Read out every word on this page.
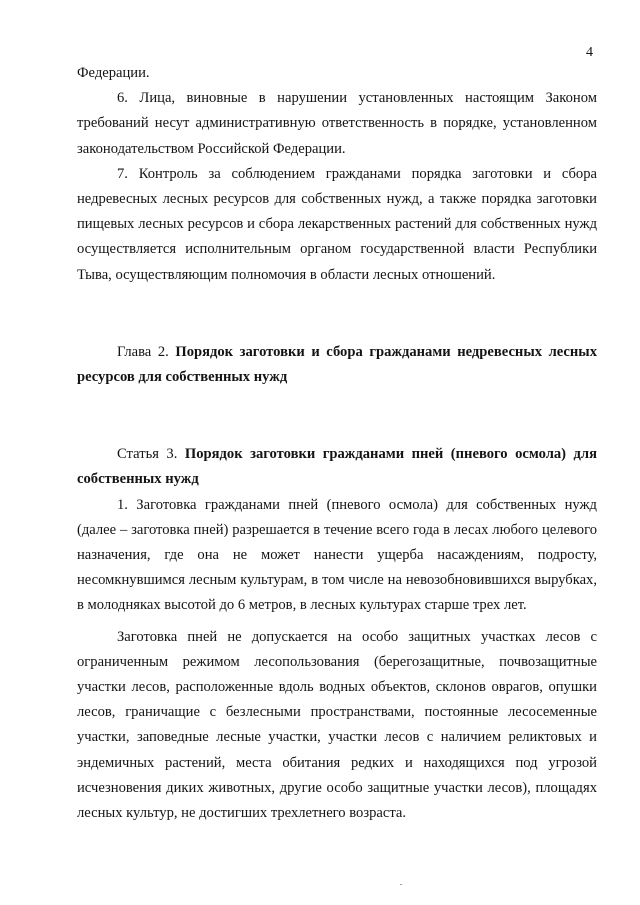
4

Федерации.

6. Лица, виновные в нарушении установленных настоящим Законом требований несут административную ответственность в порядке, установленном законодательством Российской Федерации.

7. Контроль за соблюдением гражданами порядка заготовки и сбора недревесных лесных ресурсов для собственных нужд, а также порядка заготовки пищевых лесных ресурсов и сбора лекарственных растений для собственных нужд осуществляется исполнительным органом государственной власти Республики Тыва, осуществляющим полномочия в области лесных отношений.

Глава 2. Порядок заготовки и сбора гражданами недревесных лесных ресурсов для собственных нужд

Статья 3. Порядок заготовки гражданами пней (пневого осмола) для собственных нужд

1. Заготовка гражданами пней (пневого осмола) для собственных нужд (далее – заготовка пней) разрешается в течение всего года в лесах любого целевого назначения, где она не может нанести ущерба насаждениям, подросту, несомкнувшимся лесным культурам, в том числе на невозобновившихся вырубках, в молодняках высотой до 6 метров, в лесных культурах старше трех лет.

Заготовка пней не допускается на особо защитных участках лесов с ограниченным режимом лесопользования (берегозащитные, почвозащитные участки лесов, расположенные вдоль водных объектов, склонов оврагов, опушки лесов, граничащие с безлесными пространствами, постоянные лесосеменные участки, заповедные лесные участки, участки лесов с наличием реликтовых и эндемичных растений, места обитания редких и находящихся под угрозой исчезновения диких животных, другие особо защитные участки лесов), площадях лесных культур, не достигших трехлетнего возраста.
